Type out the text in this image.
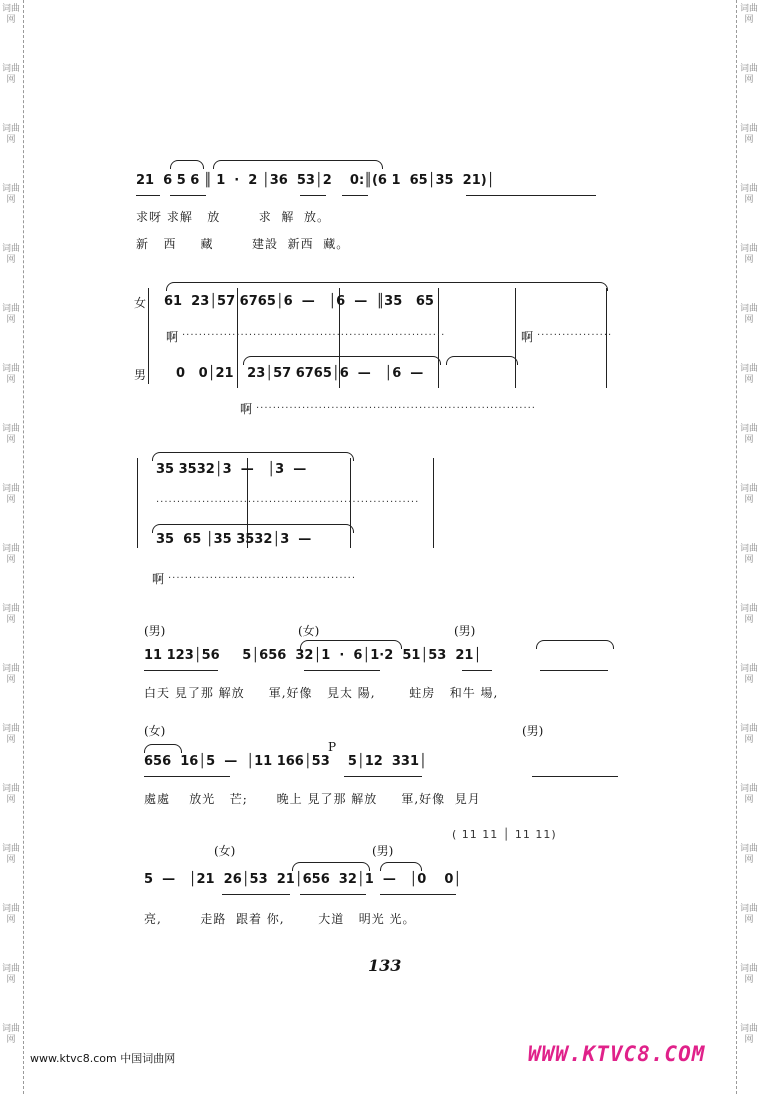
词曲网
词曲网
词曲网
词曲网
词曲网
词曲网
词曲网
词曲网
词曲网
词曲网
词曲网
词曲网
词曲网
词曲网
词曲网
词曲网
词曲网
词曲网
词曲网
词曲网
词曲网
词曲网
词曲网
词曲网
词曲网
词曲网
词曲网
词曲网
词曲网
词曲网
词曲网
词曲网
词曲网
词曲网
词曲网
词曲网
21  6 5 6 ║ 1  ·  2 │36  53│2    0:║(6 1  65│35  21)│
求呀 求解   放        求  解  放。
新   西     藏        建設  新西  藏。
女 61  23│57 6765│6  —   │6  —  ║35   65
啊 ·······························································	啊 ··················
男 0   0│21   23│57 6765│6  —   │6  —
啊 ···································································
35 3532│3  —   │3  —
·······························································
35  65 │35 3532│3  —
啊 ·············································
(男)	(女)	(男)
11 123│56     5│656  32│1  ·  6│1·2  51│53  21│
白天 見了那 解放     軍,好像   見太 陽,       蛀房   和牛 場,
(女)	(男)
P
656  16│5  —  │11 166│53    5│12  331│
處處    放光   芒;      晚上 見了那 解放     軍,好像  見月
( 11 11 │ 11 11)
(女)	(男)
5  —   │21  26│53  21│656  32│1  —   │0    0│
亮,        走路  跟着 你,       大道   明光 光。
133
www.ktvc8.com 中国词曲网	WWW.KTVC8.COM
